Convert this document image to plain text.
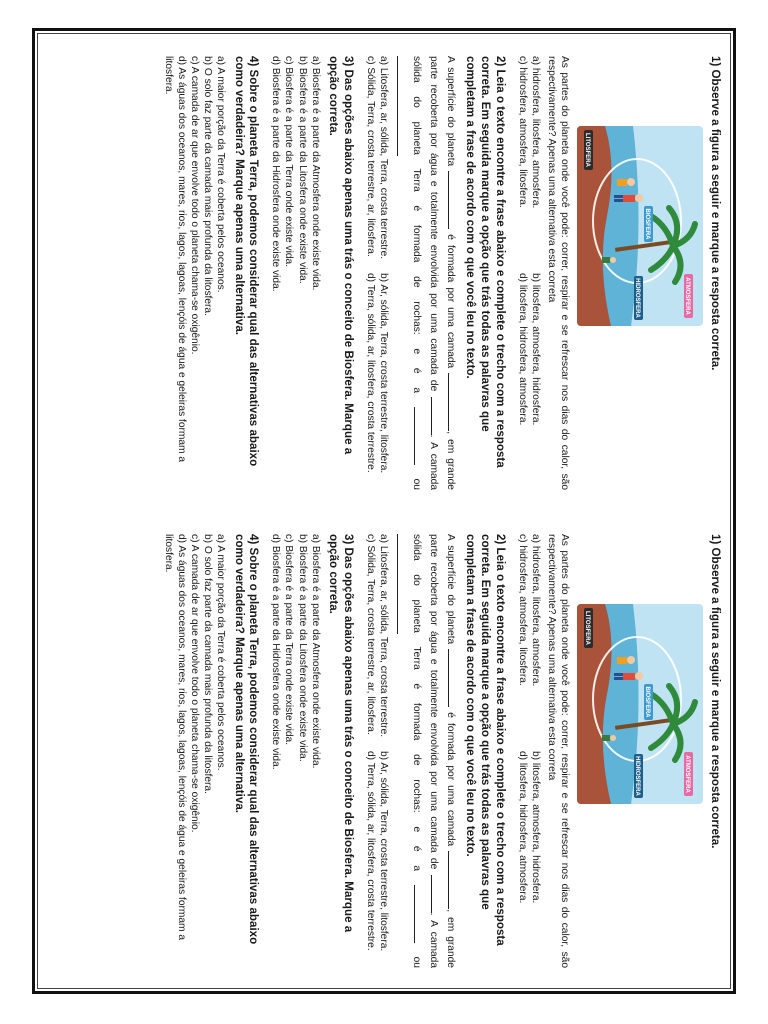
1) Observe a figura a seguir e marque a resposta correta.
ATMOSFERA
BIOSFERA
HIDROSFERA
LITOSFERA
As partes do planeta onde você pode: correr, respirar e se refrescar nos dias do calor, são respectivamente? Apenas uma alternativa esta correta
a) hidrosfera, litosfera, atmosfera.
b) litosfera, atmosfera, hidrosfera.
c) hidrosfera, atmosfera, litosfera.
d) litosfera, hidrosfera, atmosfera.
2) Leia o texto encontre a frase abaixo e complete o trecho com a resposta correta. Em seguida marque a opção que trás todas as palavras que completam a frase de acordo com o que você leu no texto.
A superfície do planeta  é formada por uma camada , em grande
parte recoberta por água e totalmente envolvida por uma camada de . A camada
sólida do planeta Terra é formada de rochas: e é a  ou
a) Litosfera, ar, sólida, Terra, crosta terrestre.
b) Ar, sólida, Terra, crosta terrestre, litosfera.
c) Sólida, Terra, crosta terrestre, ar, litosfera.
d) Terra, sólida, ar, litosfera, crosta terrestre.
3) Das opções abaixo apenas uma trás o conceito de Biosfera. Marque a opção correta.
a) Biosfera é a parte da Atmosfera onde existe vida.
b) Biosfera é a parte da Litosfera onde existe vida.
c) Biosfera é a parte da Terra onde existe vida.
d) Biosfera é a parte da Hidrosfera onde existe vida.
4) Sobre o planeta Terra, podemos considerar qual das alternativas abaixo como verdadeira? Marque apenas uma alternativa.
a) A maior porção da Terra é coberta pelos oceanos.
b) O solo faz parte da camada mais profunda da litosfera.
c) A camada de ar que envolve todo o planeta chama-se oxigênio.
d) As águas dos oceanos, mares, rios, lagos, lagoas, lençóis de água e geleiras formam a litosfera.
1) Observe a figura a seguir e marque a resposta correta.
ATMOSFERA
BIOSFERA
HIDROSFERA
LITOSFERA
As partes do planeta onde você pode: correr, respirar e se refrescar nos dias do calor, são respectivamente? Apenas uma alternativa esta correta
a) hidrosfera, litosfera, atmosfera.
b) litosfera, atmosfera, hidrosfera.
c) hidrosfera, atmosfera, litosfera.
d) litosfera, hidrosfera, atmosfera.
2) Leia o texto encontre a frase abaixo e complete o trecho com a resposta correta. Em seguida marque a opção que trás todas as palavras que completam a frase de acordo com o que você leu no texto.
A superfície do planeta  é formada por uma camada , em grande
parte recoberta por água e totalmente envolvida por uma camada de . A camada
sólida do planeta Terra é formada de rochas: e é a  ou
a) Litosfera, ar, sólida, Terra, crosta terrestre.
b) Ar, sólida, Terra, crosta terrestre, litosfera.
c) Sólida, Terra, crosta terrestre, ar, litosfera.
d) Terra, sólida, ar, litosfera, crosta terrestre.
3) Das opções abaixo apenas uma trás o conceito de Biosfera. Marque a opção correta.
a) Biosfera é a parte da Atmosfera onde existe vida.
b) Biosfera é a parte da Litosfera onde existe vida.
c) Biosfera é a parte da Terra onde existe vida.
d) Biosfera é a parte da Hidrosfera onde existe vida.
4) Sobre o planeta Terra, podemos considerar qual das alternativas abaixo como verdadeira? Marque apenas uma alternativa.
a) A maior porção da Terra é coberta pelos oceanos.
b) O solo faz parte da camada mais profunda da litosfera.
c) A camada de ar que envolve todo o planeta chama-se oxigênio.
d) As águas dos oceanos, mares, rios, lagos, lagoas, lençóis de água e geleiras formam a litosfera.
